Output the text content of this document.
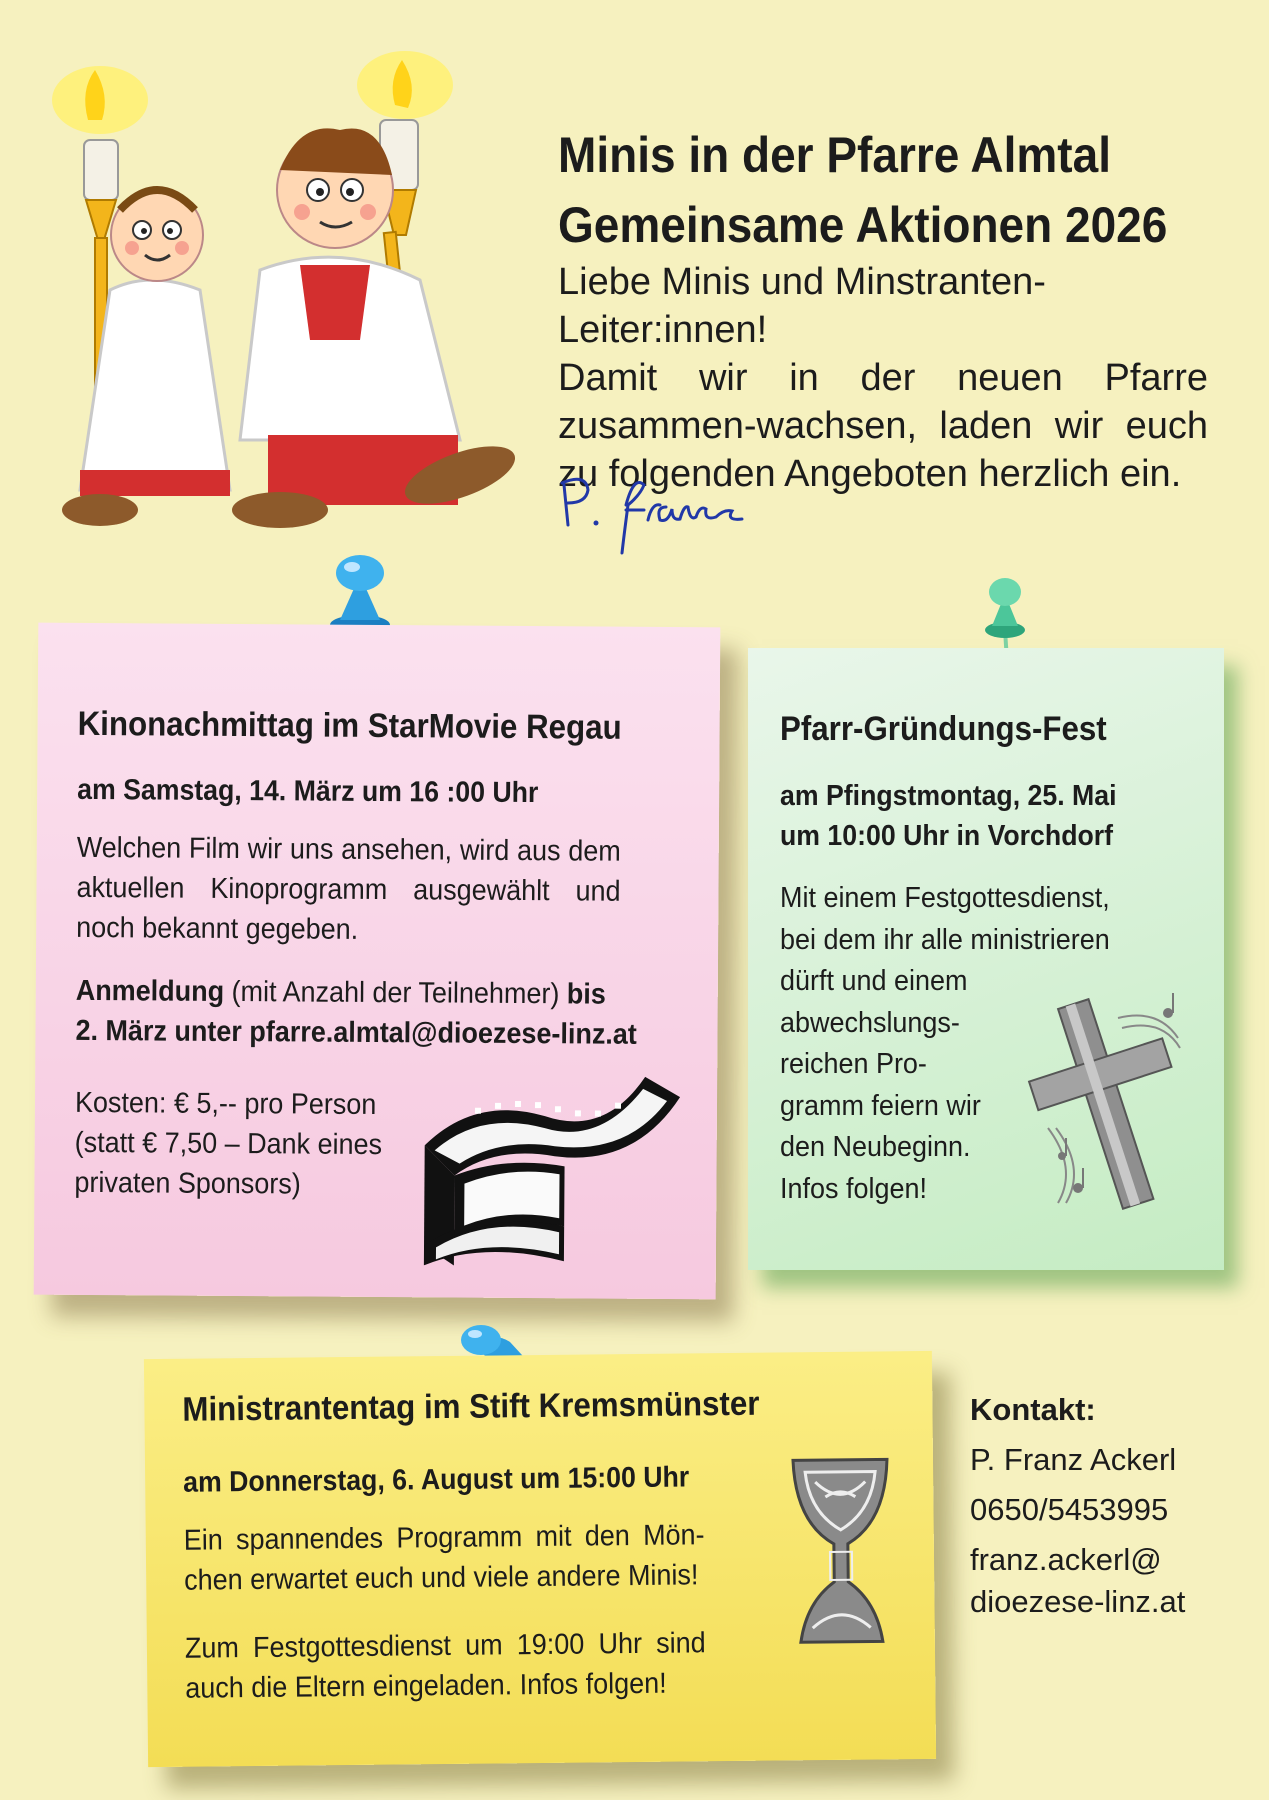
Minis in der Pfarre Almtal
Gemeinsame Aktionen 2026
Liebe Minis und Minstranten-Leiter:innen!
Damit wir in der neuen Pfarre zusammen-wachsen, laden wir euch zu folgenden Angeboten herzlich ein.
Kinonachmittag im StarMovie Regau
am Samstag, 14. März um 16 :00 Uhr
Welchen Film wir uns ansehen, wird aus dem aktuellen Kinoprogramm ausgewählt und noch bekannt gegeben.
Anmeldung (mit Anzahl der Teilnehmer) bis
2. März unter pfarre.almtal@dioezese-linz.at
Kosten: € 5,-- pro Person
(statt € 7,50 – Dank eines
privaten Sponsors)
Pfarr-Gründungs-Fest
am Pfingstmontag, 25. Mai
um 10:00 Uhr in Vorchdorf
Mit einem Festgottesdienst,
bei dem ihr alle ministrieren
dürft und einem
abwechslungs-
reichen Pro-
gramm feiern wir
den Neubeginn.
Infos folgen!
Ministrantentag im Stift Kremsmünster
am Donnerstag, 6. August um 15:00 Uhr
Ein spannendes Programm mit den Mön-chen erwartet euch und viele andere Minis!
Zum Festgottesdienst um 19:00 Uhr sind auch die Eltern eingeladen. Infos folgen!
Kontakt:
P. Franz Ackerl
0650/5453995
franz.ackerl@
dioezese-linz.at
